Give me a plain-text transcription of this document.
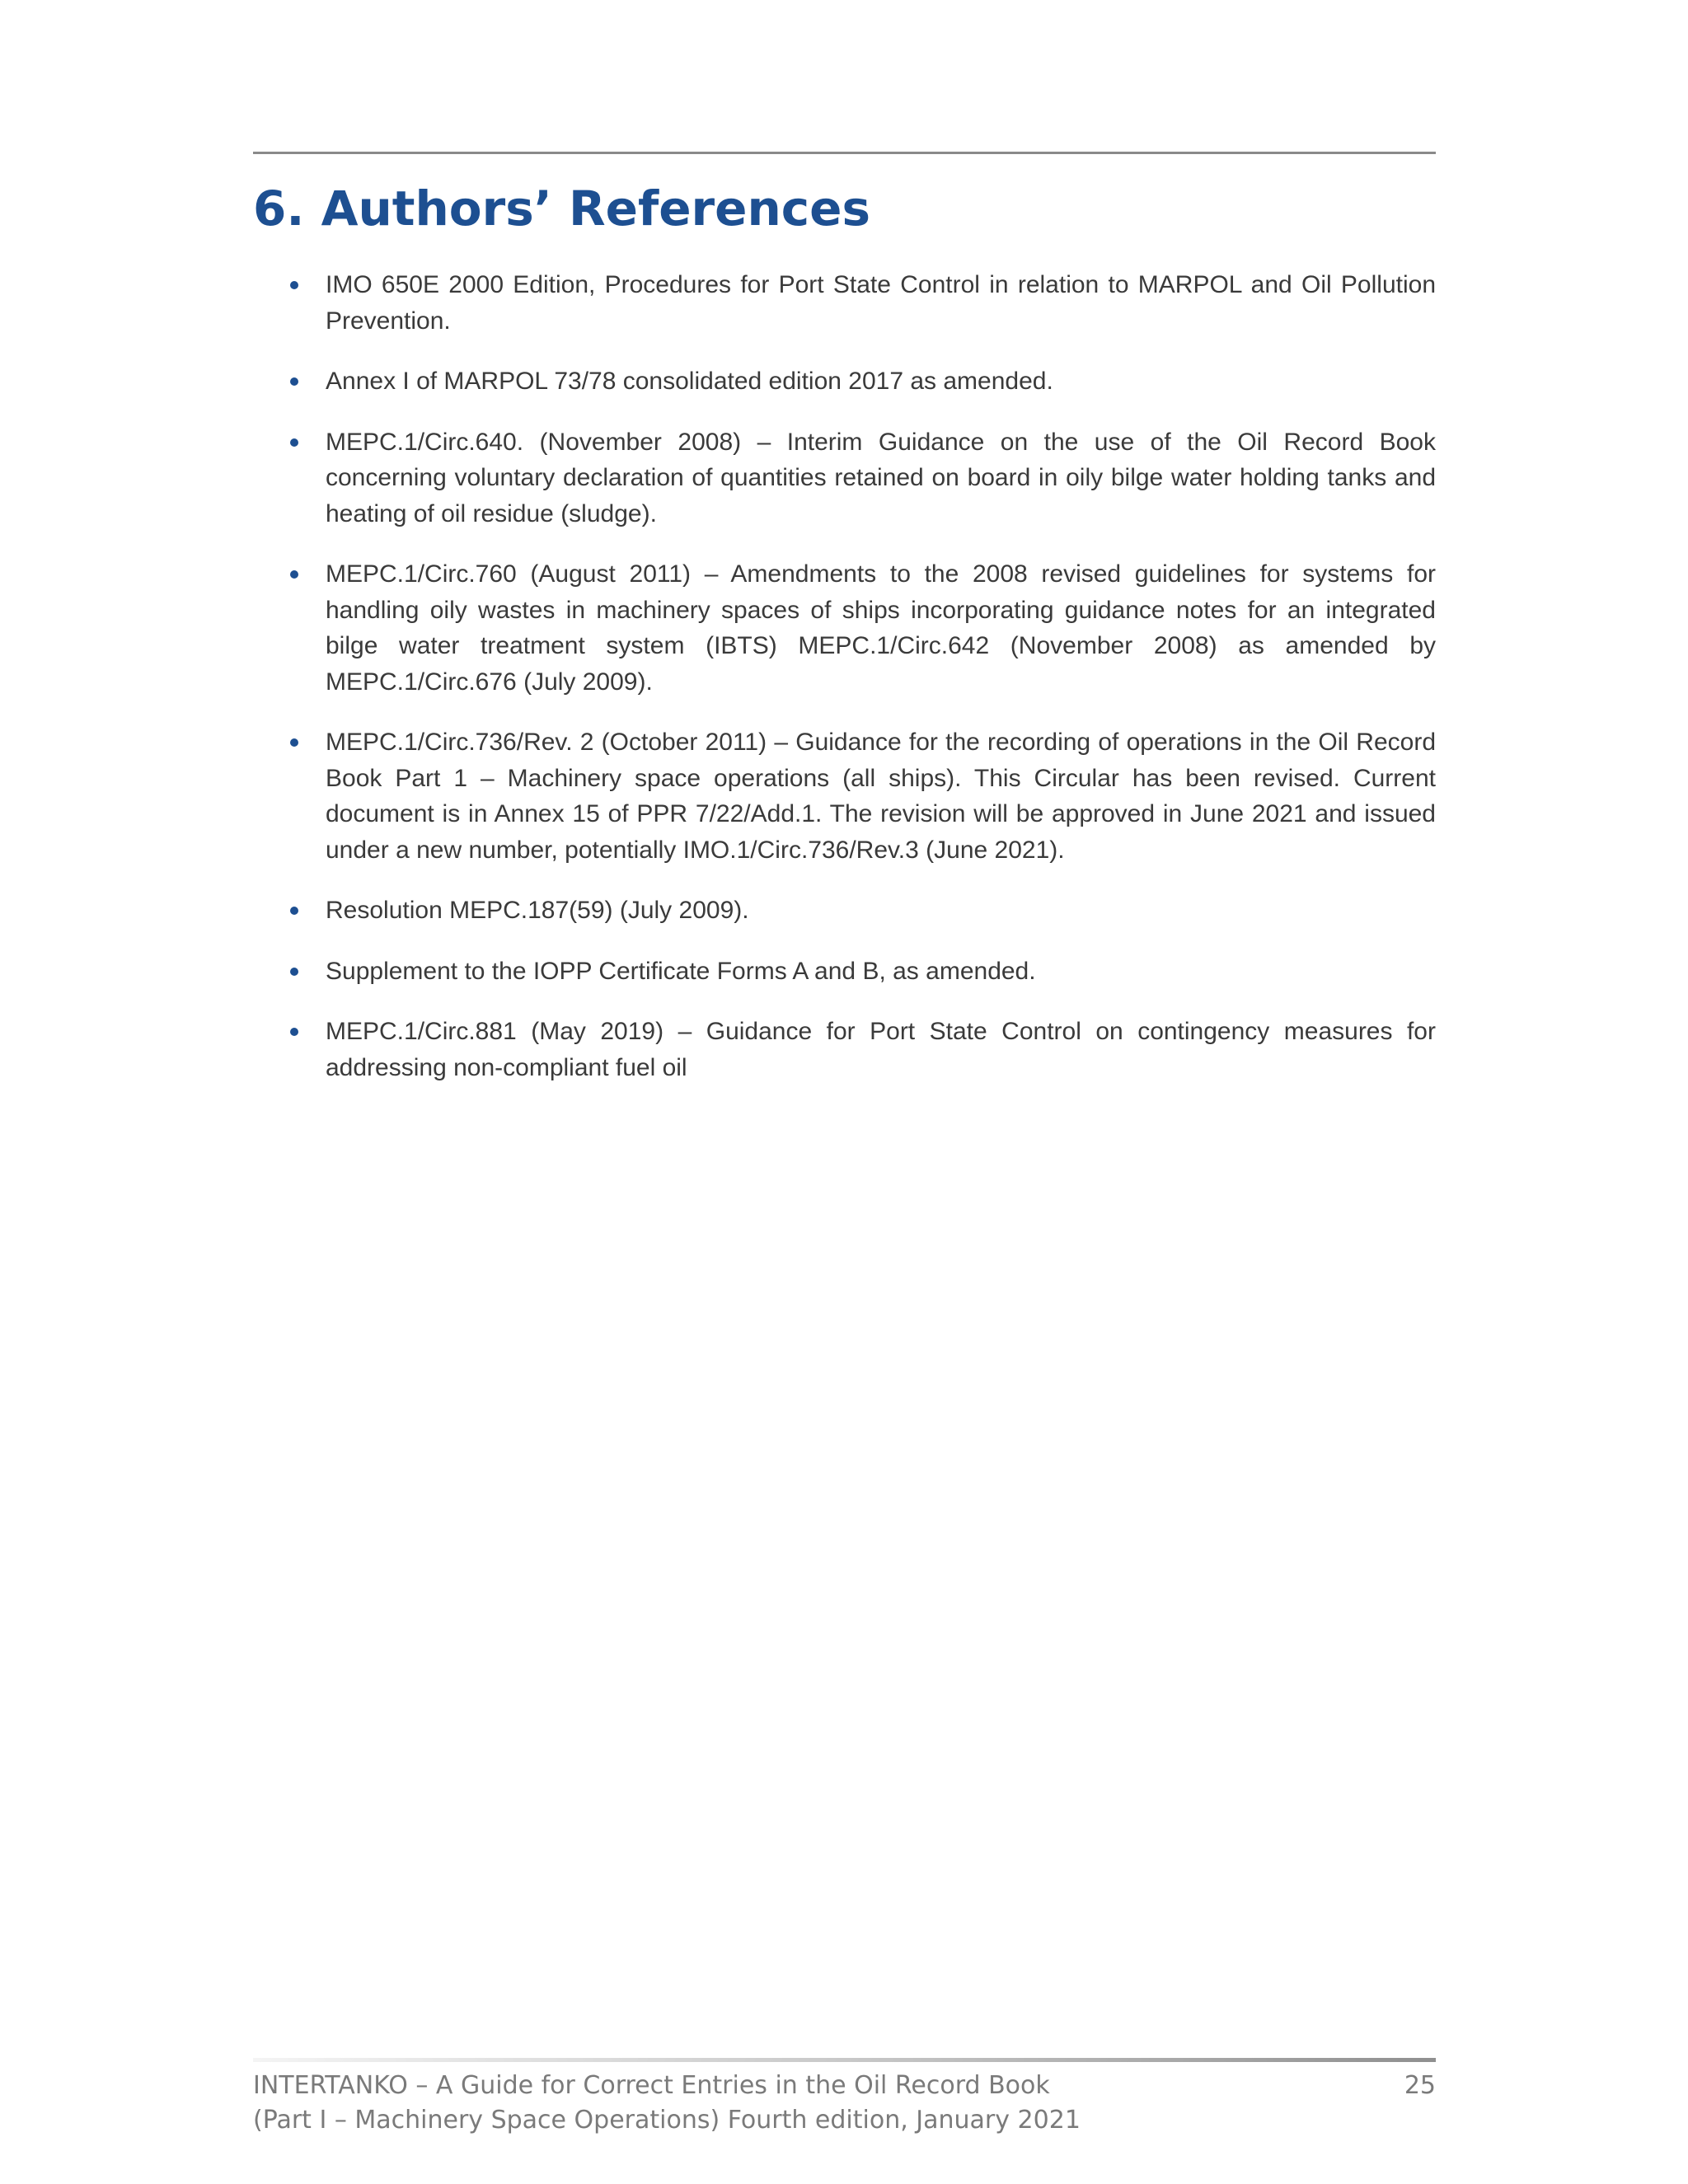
6. Authors’ References
IMO 650E 2000 Edition, Procedures for Port State Control in relation to MARPOL and Oil Pollution Prevention.
Annex I of MARPOL 73/78 consolidated edition 2017 as amended.
MEPC.1/Circ.640. (November 2008) – Interim Guidance on the use of the Oil Record Book concerning voluntary declaration of quantities retained on board in oily bilge water holding tanks and heating of oil residue (sludge).
MEPC.1/Circ.760 (August 2011) – Amendments to the 2008 revised guidelines for systems for handling oily wastes in machinery spaces of ships incorporating guidance notes for an integrated bilge water treatment system (IBTS) MEPC.1/Circ.642 (November 2008) as amended by MEPC.1/Circ.676 (July 2009).
MEPC.1/Circ.736/Rev. 2 (October 2011) – Guidance for the recording of operations in the Oil Record Book Part 1 – Machinery space operations (all ships). This Circular has been revised. Current document is in Annex 15 of PPR 7/22/Add.1. The revision will be approved in June 2021 and issued under a new number, potentially IMO.1/Circ.736/Rev.3 (June 2021).
Resolution MEPC.187(59) (July 2009).
Supplement to the IOPP Certificate Forms A and B, as amended.
MEPC.1/Circ.881 (May 2019) – Guidance for Port State Control on contingency measures for addressing non-compliant fuel oil
INTERTANKO – A Guide for Correct Entries in the Oil Record Book
(Part I – Machinery Space Operations) Fourth edition, January 2021
25
